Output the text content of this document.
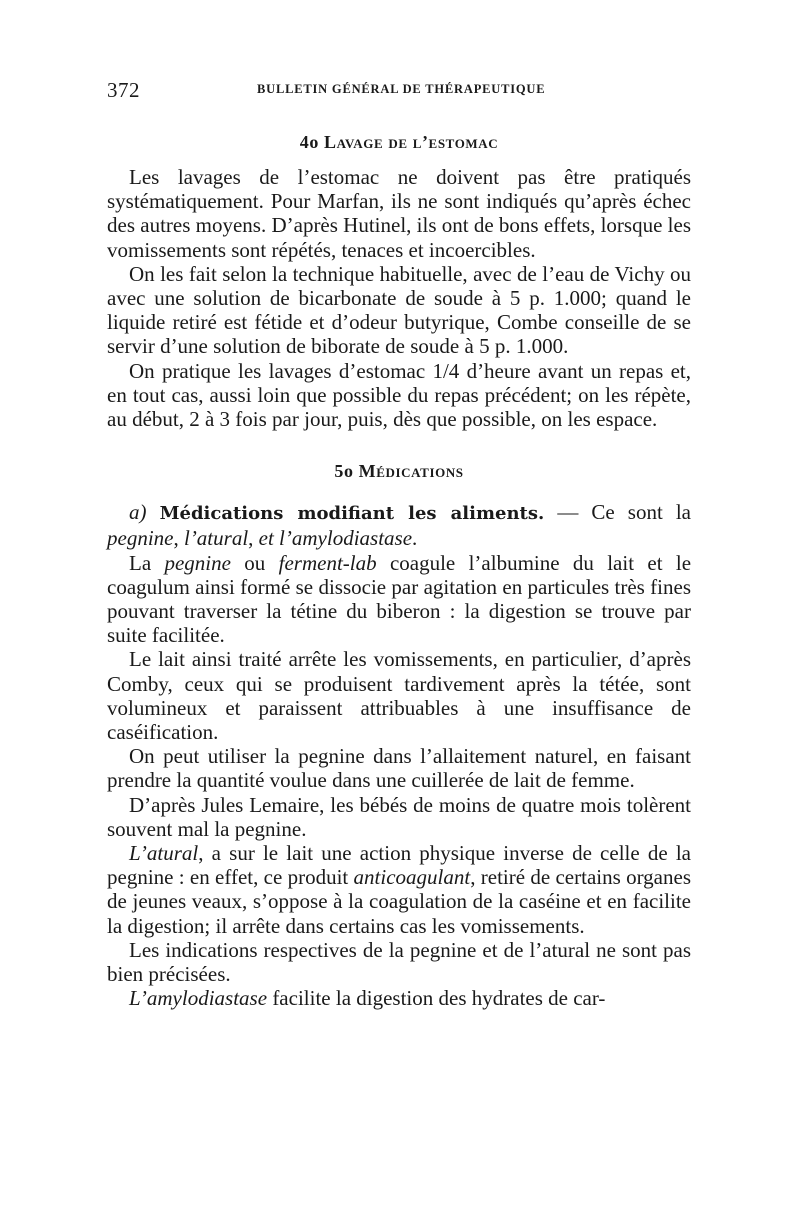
372	BULLETIN GÉNÉRAL DE THÉRAPEUTIQUE
4o Lavage de l’estomac

Les lavages de l’estomac ne doivent pas être pratiqués systématiquement. Pour Marfan, ils ne sont indiqués qu’après échec des autres moyens. D’après Hutinel, ils ont de bons effets, lorsque les vomissements sont répétés, tenaces et incoercibles.

On les fait selon la technique habituelle, avec de l’eau de Vichy ou avec une solution de bicarbonate de soude à 5 p. 1.000; quand le liquide retiré est fétide et d’odeur butyrique, Combe conseille de se servir d’une solution de biborate de soude à 5 p. 1.000.

On pratique les lavages d’estomac 1/4 d’heure avant un repas et, en tout cas, aussi loin que possible du repas précédent; on les répète, au début, 2 à 3 fois par jour, puis, dès que possible, on les espace.

5o Médications

a) Médications modifiant les aliments. — Ce sont la pegnine, l’atural, et l’amylodiastase.

La pegnine ou ferment-lab coagule l’albumine du lait et le coagulum ainsi formé se dissocie par agitation en particules très fines pouvant traverser la tétine du biberon : la digestion se trouve par suite facilitée.

Le lait ainsi traité arrête les vomissements, en particulier, d’après Comby, ceux qui se produisent tardivement après la tétée, sont volumineux et paraissent attribuables à une insuffisance de caséification.

On peut utiliser la pegnine dans l’allaitement naturel, en faisant prendre la quantité voulue dans une cuillerée de lait de femme.

D’après Jules Lemaire, les bébés de moins de quatre mois tolèrent souvent mal la pegnine.

L’atural, a sur le lait une action physique inverse de celle de la pegnine : en effet, ce produit anticoagulant, retiré de certains organes de jeunes veaux, s’oppose à la coagulation de la caséine et en facilite la digestion; il arrête dans certains cas les vomissements.

Les indications respectives de la pegnine et de l’atural ne sont pas bien précisées.

L’amylodiastase facilite la digestion des hydrates de car-
